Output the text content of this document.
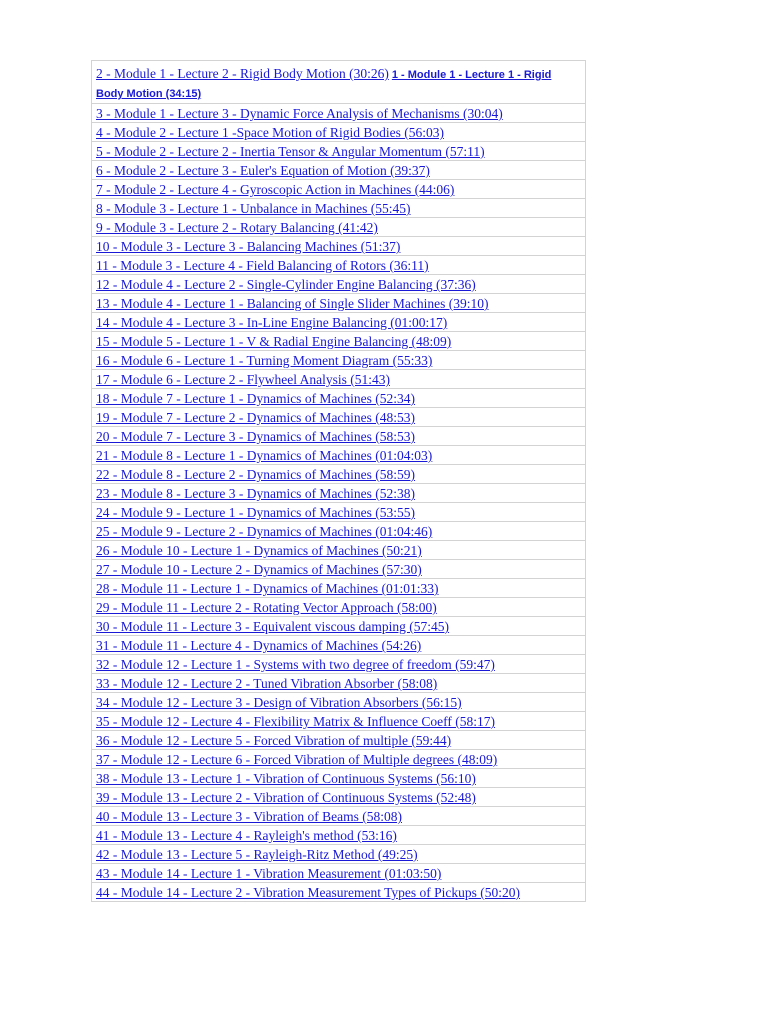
2 - Module 1 - Lecture 2 - Rigid Body Motion (30:26) 1 - Module 1 - Lecture 1 - Rigid Body Motion (34:15)
3 - Module 1 - Lecture 3 - Dynamic Force Analysis of Mechanisms (30:04)
4 - Module 2 - Lecture 1 -Space Motion of Rigid Bodies (56:03)
5 - Module 2 - Lecture 2 - Inertia Tensor & Angular Momentum (57:11)
6 - Module 2 - Lecture 3 - Euler's Equation of Motion (39:37)
7 - Module 2 - Lecture 4 - Gyroscopic Action in Machines (44:06)
8 - Module 3 - Lecture 1 - Unbalance in Machines (55:45)
9 - Module 3 - Lecture 2 - Rotary Balancing (41:42)
10 - Module 3 - Lecture 3 - Balancing Machines (51:37)
11 - Module 3 - Lecture 4 - Field Balancing of Rotors (36:11)
12 - Module 4 - Lecture 2 - Single-Cylinder Engine Balancing (37:36)
13 - Module 4 - Lecture 1 - Balancing of Single Slider Machines (39:10)
14 - Module 4 - Lecture 3 - In-Line Engine Balancing (01:00:17)
15 - Module 5 - Lecture 1 - V & Radial Engine Balancing (48:09)
16 - Module 6 - Lecture 1 - Turning Moment Diagram (55:33)
17 - Module 6 - Lecture 2 - Flywheel Analysis (51:43)
18 - Module 7 - Lecture 1 - Dynamics of Machines (52:34)
19 - Module 7 - Lecture 2 - Dynamics of Machines (48:53)
20 - Module 7 - Lecture 3 - Dynamics of Machines (58:53)
21 - Module 8 - Lecture 1 - Dynamics of Machines (01:04:03)
22 - Module 8 - Lecture 2 - Dynamics of Machines (58:59)
23 - Module 8 - Lecture 3 - Dynamics of Machines (52:38)
24 - Module 9 - Lecture 1 - Dynamics of Machines (53:55)
25 - Module 9 - Lecture 2 - Dynamics of Machines (01:04:46)
26 - Module 10 - Lecture 1 - Dynamics of Machines (50:21)
27 - Module 10 - Lecture 2 - Dynamics of Machines (57:30)
28 - Module 11 - Lecture 1 - Dynamics of Machines (01:01:33)
29 - Module 11 - Lecture 2 - Rotating Vector Approach (58:00)
30 - Module 11 - Lecture 3 - Equivalent viscous damping (57:45)
31 - Module 11 - Lecture 4 - Dynamics of Machines (54:26)
32 - Module 12 - Lecture 1 - Systems with two degree of freedom (59:47)
33 - Module 12 - Lecture 2 - Tuned Vibration Absorber (58:08)
34 - Module 12 - Lecture 3 - Design of Vibration Absorbers (56:15)
35 - Module 12 - Lecture 4 - Flexibility Matrix & Influence Coeff (58:17)
36 - Module 12 - Lecture 5 - Forced Vibration of multiple (59:44)
37 - Module 12 - Lecture 6 - Forced Vibration of Multiple degrees (48:09)
38 - Module 13 - Lecture 1 - Vibration of Continuous Systems (56:10)
39 - Module 13 - Lecture 2 - Vibration of Continuous Systems (52:48)
40 - Module 13 - Lecture 3 - Vibration of Beams (58:08)
41 - Module 13 - Lecture 4 - Rayleigh's method (53:16)
42 - Module 13 - Lecture 5 - Rayleigh-Ritz Method (49:25)
43 - Module 14 - Lecture 1 - Vibration Measurement (01:03:50)
44 - Module 14 - Lecture 2 - Vibration Measurement Types of Pickups (50:20)
